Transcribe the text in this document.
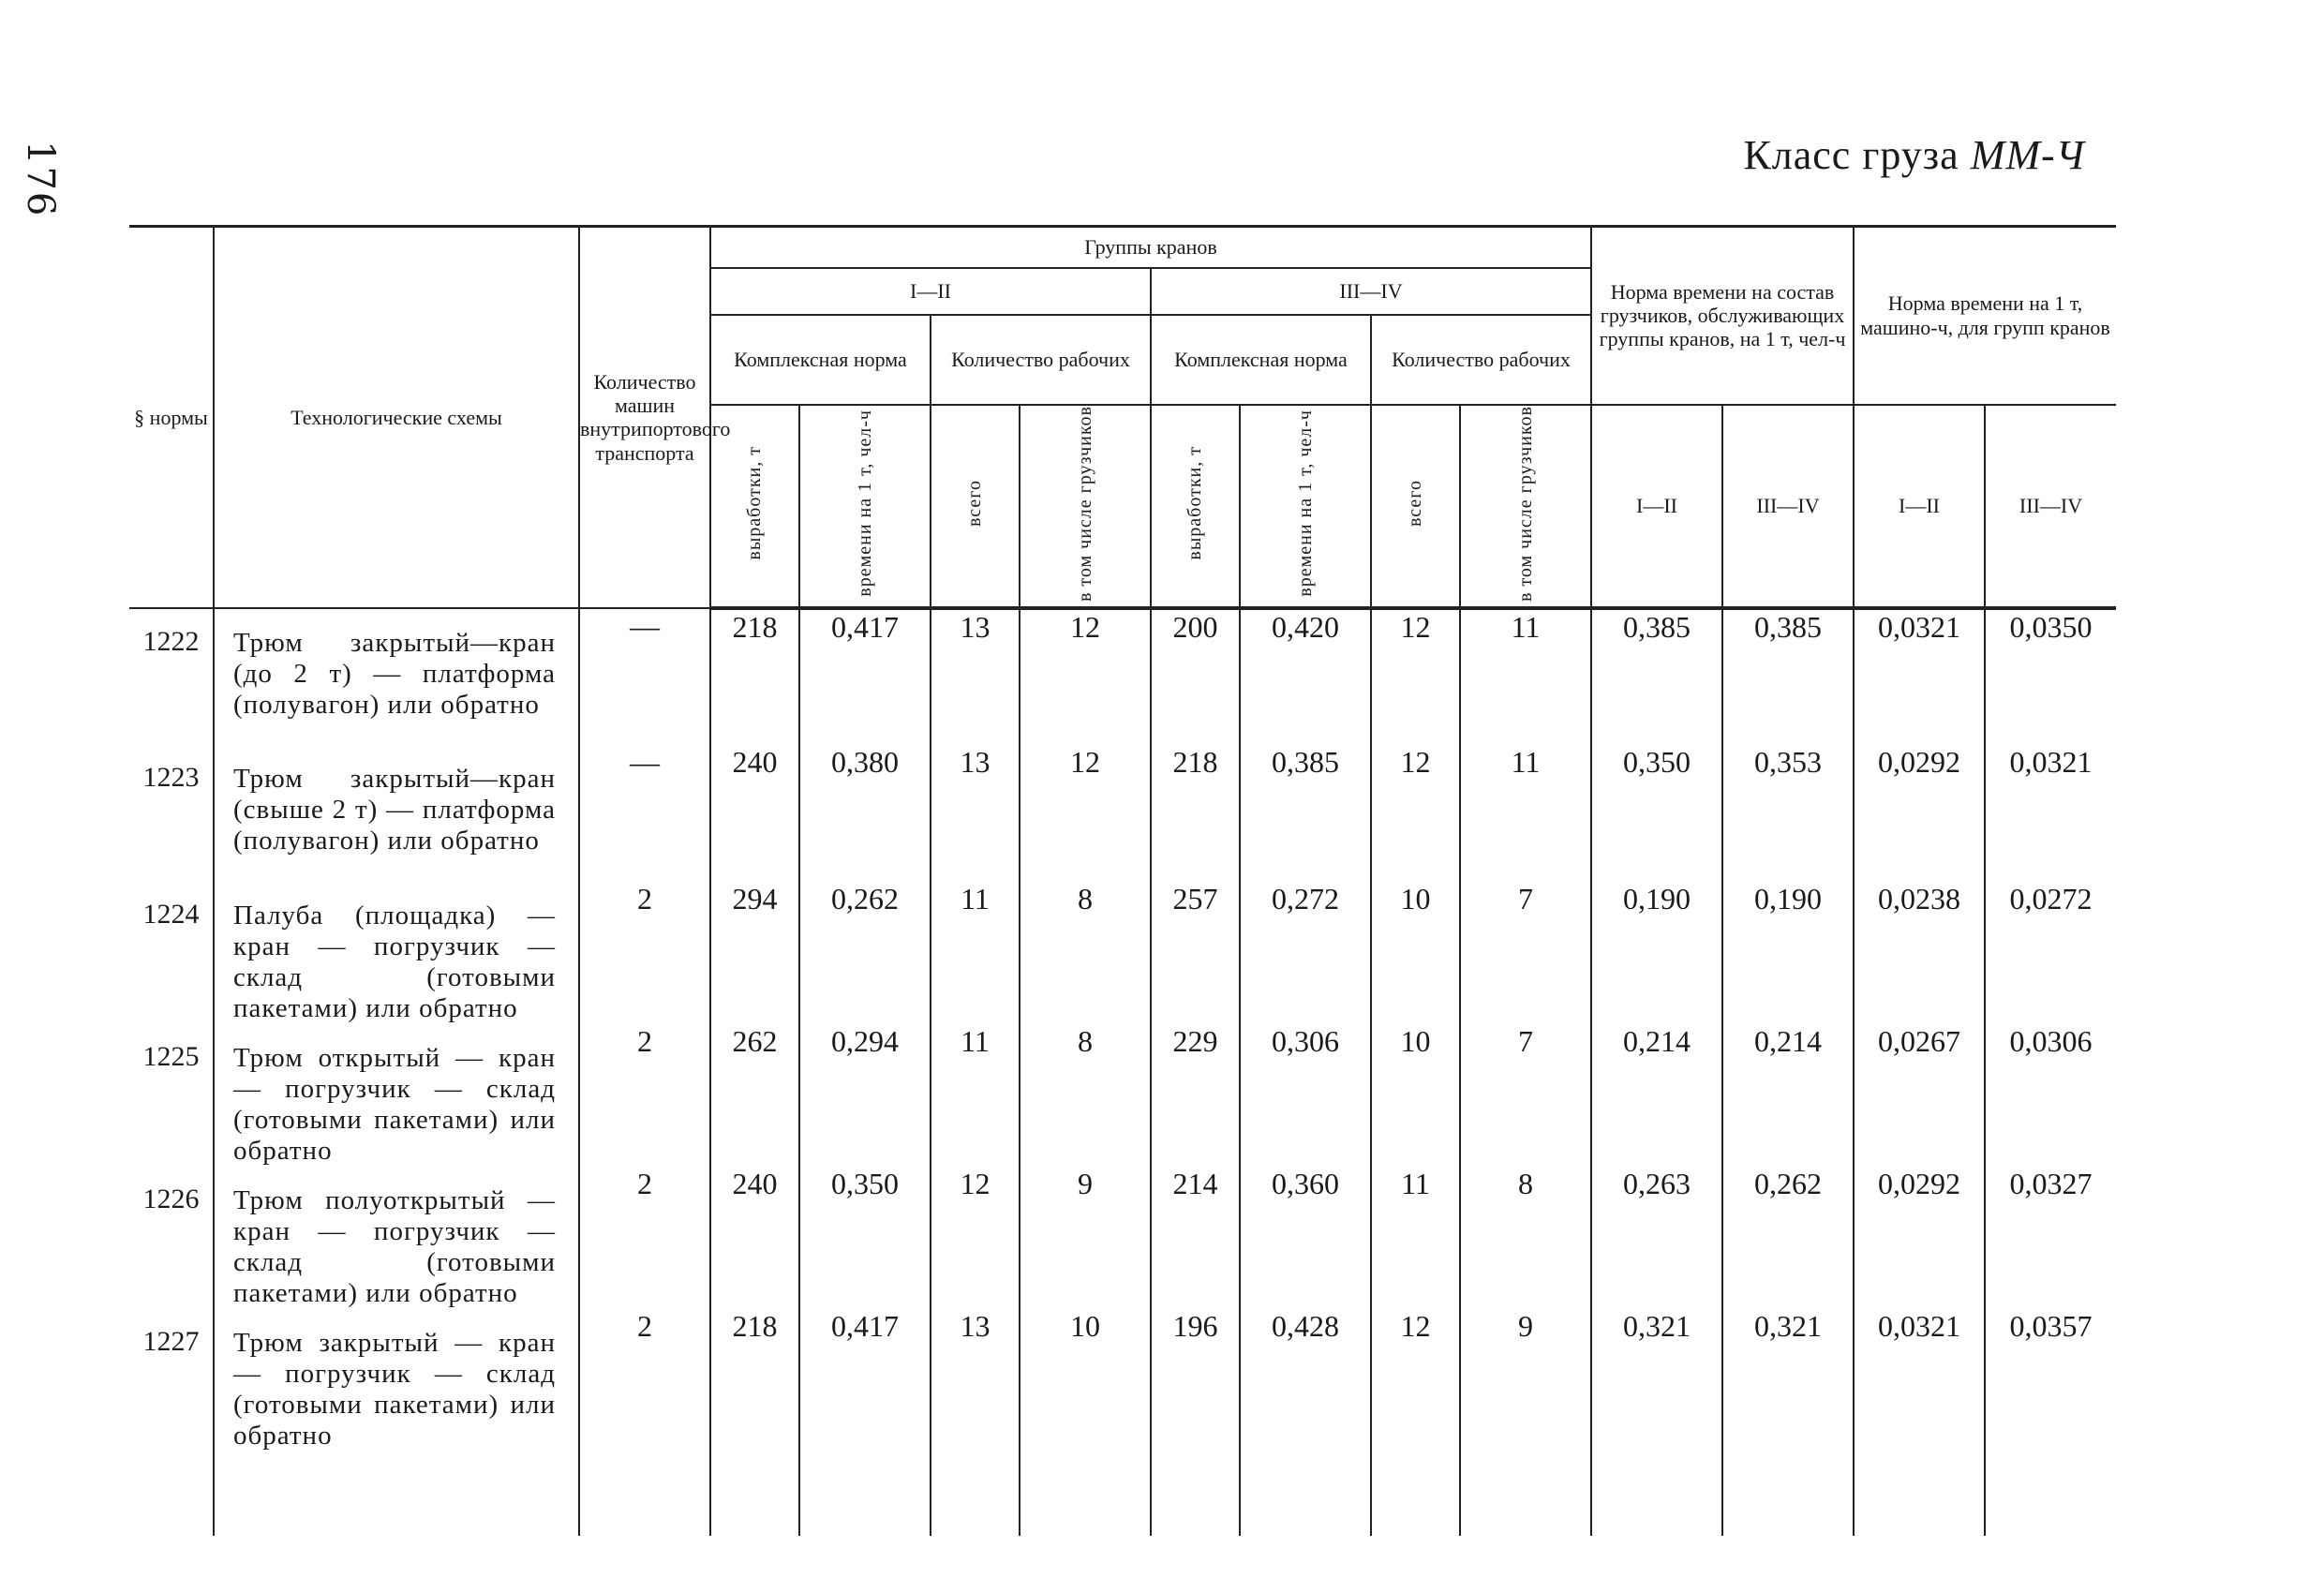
176	Класс груза ММ-Ч
§ нормы	Технологические схемы	Количество машин внутрипортового транспорта	Группы кранов								Норма времени на состав грузчиков, обслуживающих группы кранов, на 1 т, чел-ч		Норма времени на 1 т, машино-ч, для групп кранов	
			I—II				III—IV							
			Комплексная норма		Количество рабочих		Комплексная норма		Количество рабочих					
			выработки, т	времени на 1 т, чел-ч	всего	в том числе грузчиков	выработки, т	времени на 1 т, чел-ч	всего	в том числе грузчиков	I—II	III—IV	I—II	III—IV
1222	Трюм закрытый—кран (до 2 т) — платформа (полувагон) или обратно	—	218	0,417	13	12	200	0,420	12	11	0,385	0,385	0,0321	0,0350
1223	Трюм закрытый—кран (свыше 2 т) — платформа (полувагон) или обратно	—	240	0,380	13	12	218	0,385	12	11	0,350	0,353	0,0292	0,0321
1224	Палуба (площадка) — кран — погрузчик — склад (готовыми пакетами) или обратно	2	294	0,262	11	8	257	0,272	10	7	0,190	0,190	0,0238	0,0272
1225	Трюм открытый — кран — погрузчик — склад (готовыми пакетами) или обратно	2	262	0,294	11	8	229	0,306	10	7	0,214	0,214	0,0267	0,0306
1226	Трюм полуоткрытый — кран — погрузчик — склад (готовыми пакетами) или обратно	2	240	0,350	12	9	214	0,360	11	8	0,263	0,262	0,0292	0,0327
1227	Трюм закрытый — кран — погрузчик — склад (готовыми пакетами) или обратно	2	218	0,417	13	10	196	0,428	12	9	0,321	0,321	0,0321	0,0357
